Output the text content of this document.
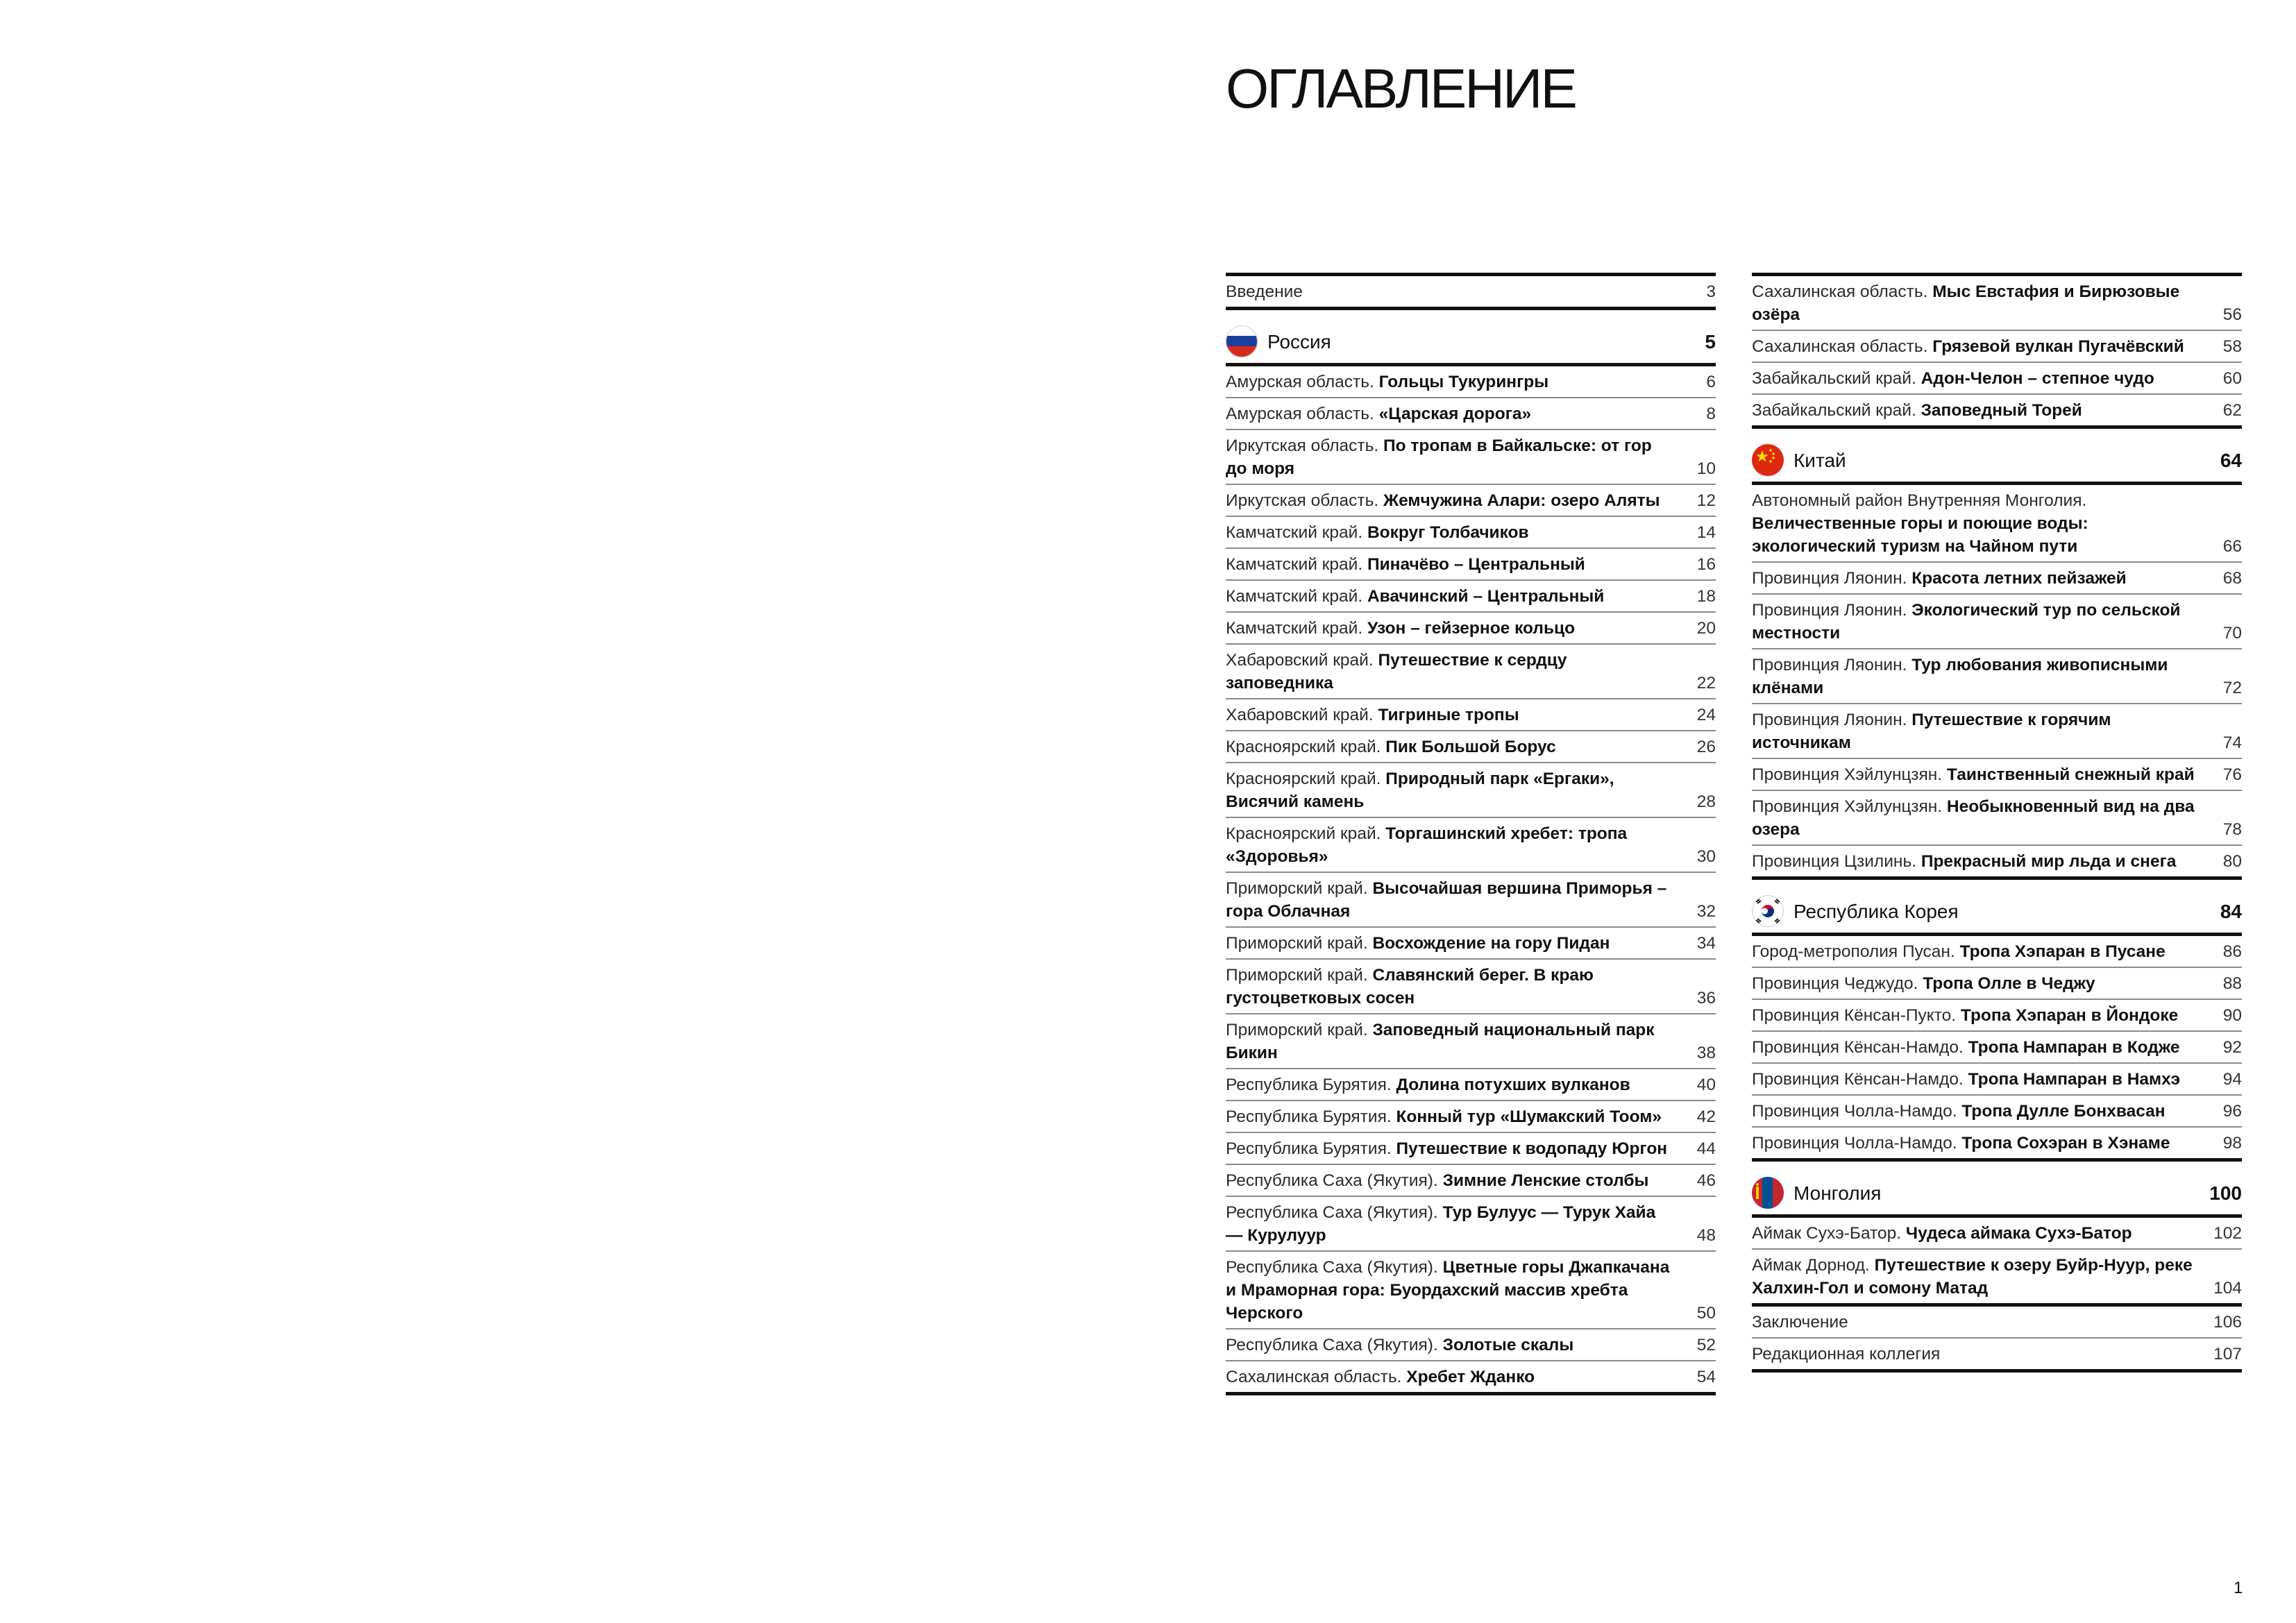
ОГЛАВЛЕНИЕ
Введение	3
Россия	5
Амурская область. Гольцы Тукурингры	6
Амурская область. «Царская дорога»	8
Иркутская область. По тропам в Байкальске: от гор до моря	10
Иркутская область. Жемчужина Алари: озеро Аляты	12
Камчатский край. Вокруг Толбачиков	14
Камчатский край. Пиначёво – Центральный	16
Камчатский край. Авачинский – Центральный	18
Камчатский край. Узон – гейзерное кольцо	20
Хабаровский край. Путешествие к сердцу заповедника	22
Хабаровский край. Тигриные тропы	24
Красноярский край. Пик Большой Борус	26
Красноярский край. Природный парк «Ергаки», Висячий камень	28
Красноярский край. Торгашинский хребет: тропа «Здоровья»	30
Приморский край. Высочайшая вершина Приморья – гора Облачная	32
Приморский край. Восхождение на гору Пидан	34
Приморский край. Славянский берег. В краю густоцветковых сосен	36
Приморский край. Заповедный национальный парк Бикин	38
Республика Бурятия. Долина потухших вулканов	40
Республика Бурятия. Конный тур «Шумакский Тоом»	42
Республика Бурятия. Путешествие к водопаду Юргон	44
Республика Саха (Якутия). Зимние Ленские столбы	46
Республика Саха (Якутия). Тур Булуус — Турук Хайа — Курулуур	48
Республика Саха (Якутия). Цветные горы Джапкачана и Мраморная гора: Буордахский массив хребта Черского	50
Республика Саха (Якутия). Золотые скалы	52
Сахалинская область. Хребет Жданко	54
Сахалинская область. Мыс Евстафия и Бирюзовые озёра	56
Сахалинская область. Грязевой вулкан Пугачёвский	58
Забайкальский край. Адон-Челон – степное чудо	60
Забайкальский край. Заповедный Торей	62
Китай	64
Автономный район Внутренняя Монголия. Величественные горы и поющие воды: экологический туризм на Чайном пути	66
Провинция Ляонин. Красота летних пейзажей	68
Провинция Ляонин. Экологический тур по сельской местности	70
Провинция Ляонин. Тур любования живописными клёнами	72
Провинция Ляонин. Путешествие к горячим источникам	74
Провинция Хэйлунцзян. Таинственный снежный край	76
Провинция Хэйлунцзян. Необыкновенный вид на два озера	78
Провинция Цзилинь. Прекрасный мир льда и снега	80
Республика Корея	84
Город-метрополия Пусан. Тропа Хэпаран в Пусане	86
Провинция Чеджудо. Тропа Олле в Чеджу	88
Провинция Кёнсан-Пукто. Тропа Хэпаран в Йондоке	90
Провинция Кёнсан-Намдо. Тропа Нампаран в Кодже	92
Провинция Кёнсан-Намдо. Тропа Нампаран в Намхэ	94
Провинция Чолла-Намдо. Тропа Дулле Бонхвасан	96
Провинция Чолла-Намдо. Тропа Сохэран в Хэнаме	98
Монголия	100
Аймак Сухэ-Батор. Чудеса аймака Сухэ-Батор	102
Аймак Дорнод. Путешествие к озеру Буйр-Нуур, реке Халхин-Гол и сомону Матад	104
Заключение	106
Редакционная коллегия	107
1
